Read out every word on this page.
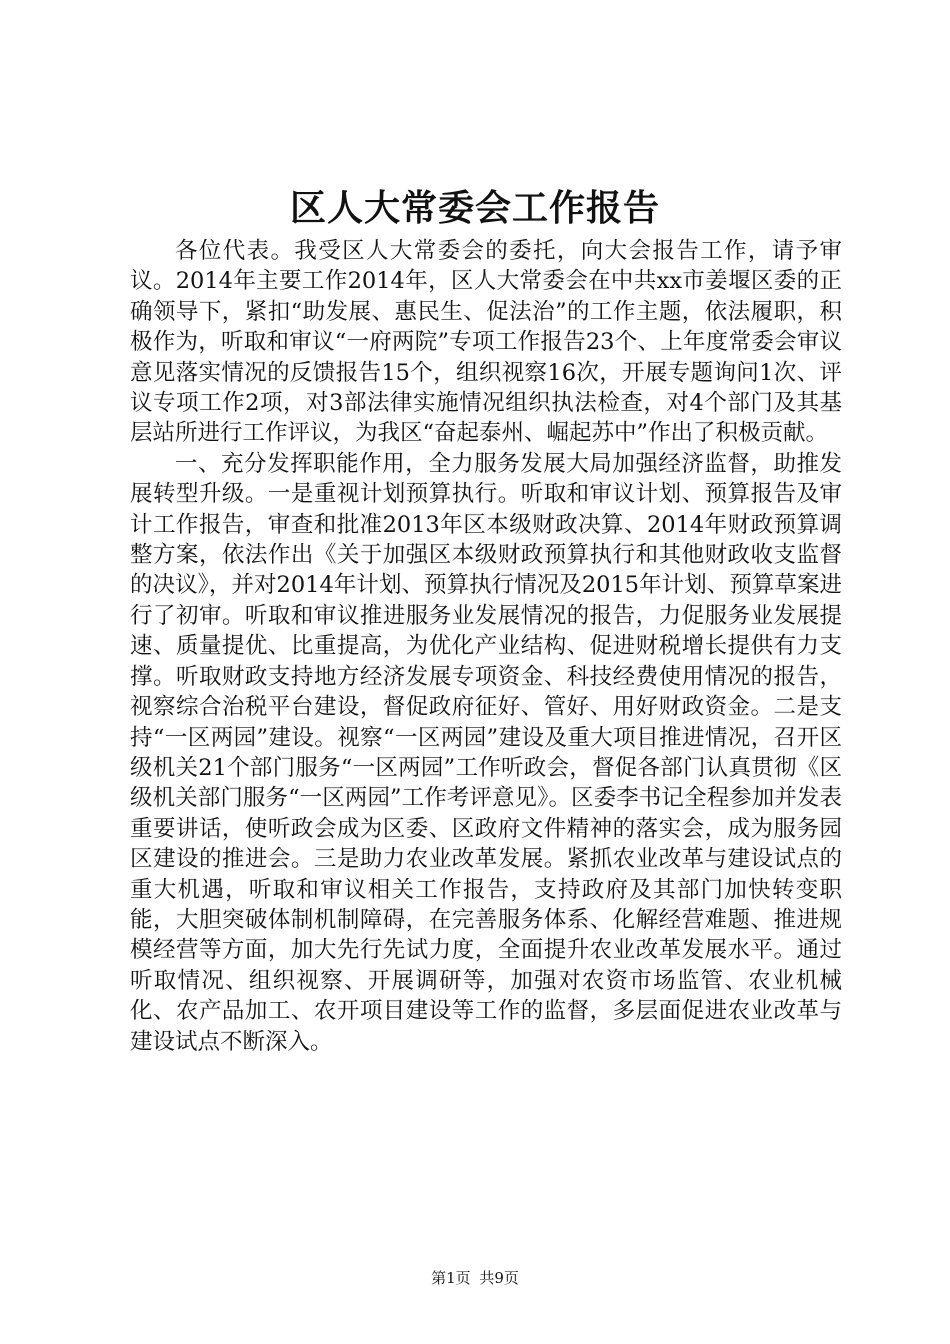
区人大常委会工作报告

各位代表。我受区人大常委会的委托，向大会报告工作，请予审议。2014年主要工作2014年，区人大常委会在中共xx市姜堰区委的正确领导下，紧扣“助发展、惠民生、促法治”的工作主题，依法履职，积极作为，听取和审议“一府两院”专项工作报告23个、上年度常委会审议意见落实情况的反馈报告15个，组织视察16次，开展专题询问1次、评议专项工作2项，对3部法律实施情况组织执法检查，对4个部门及其基层站所进行工作评议，为我区“奋起泰州、崛起苏中”作出了积极贡献。

一、充分发挥职能作用，全力服务发展大局加强经济监督，助推发展转型升级。一是重视计划预算执行。听取和审议计划、预算报告及审计工作报告，审查和批准2013年区本级财政决算、2014年财政预算调整方案，依法作出《关于加强区本级财政预算执行和其他财政收支监督的决议》，并对2014年计划、预算执行情况及2015年计划、预算草案进行了初审。听取和审议推进服务业发展情况的报告，力促服务业发展提速、质量提优、比重提高，为优化产业结构、促进财税增长提供有力支撑。听取财政支持地方经济发展专项资金、科技经费使用情况的报告，视察综合治税平台建设，督促政府征好、管好、用好财政资金。二是支持“一区两园”建设。视察“一区两园”建设及重大项目推进情况，召开区级机关21个部门服务“一区两园”工作听政会，督促各部门认真贯彻《区级机关部门服务“一区两园”工作考评意见》。区委李书记全程参加并发表重要讲话，使听政会成为区委、区政府文件精神的落实会，成为服务园区建设的推进会。三是助力农业改革发展。紧抓农业改革与建设试点的重大机遇，听取和审议相关工作报告，支持政府及其部门加快转变职能，大胆突破体制机制障碍，在完善服务体系、化解经营难题、推进规模经营等方面，加大先行先试力度，全面提升农业改革发展水平。通过听取情况、组织视察、开展调研等，加强对农资市场监管、农业机械化、农产品加工、农开项目建设等工作的监督，多层面促进农业改革与建设试点不断深入。

第1页 共9页
